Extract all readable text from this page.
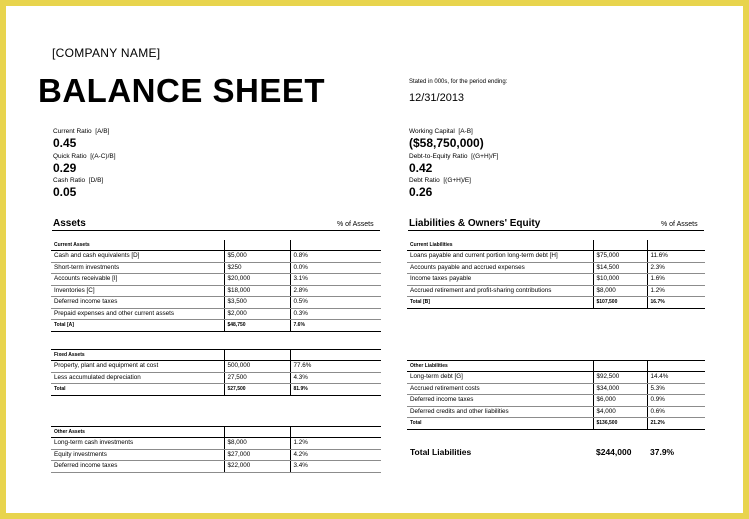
[COMPANY NAME]
BALANCE SHEET	Stated in 000s, for the period ending:
12/31/2013
Current Ratio [A/B]
0.45
Quick Ratio [(A-C)/B]
0.29
Cash Ratio [D/B]
0.05
Working Capital [A-B]
($58,750,000)
Debt-to-Equity Ratio [(G+H)/F]
0.42
Debt Ratio [(G+H)/E]
0.26
Assets	% of Assets	Liabilities & Owners' Equity	% of Assets
Current Assets		
Cash and cash equivalents [D]	$5,000	0.8%
Short-term investments	$250	0.0%
Accounts receivable [I]	$20,000	3.1%
Inventories [C]	$18,000	2.8%
Deferred income taxes	$3,500	0.5%
Prepaid expenses and other current assets	$2,000	0.3%
Total [A]	$48,750	7.6%
Fixed Assets		
Property, plant and equipment at cost	500,000	77.6%
Less accumulated depreciation	27,500	4.3%
Total	527,500	81.9%
Other Assets		
Long-term cash investments	$8,000	1.2%
Equity investments	$27,000	4.2%
Deferred income taxes	$22,000	3.4%
Current Liabilities		
Loans payable and current portion long-term debt [H]	$75,000	11.6%
Accounts payable and accrued expenses	$14,500	2.3%
Income taxes payable	$10,000	1.6%
Accrued retirement and profit-sharing contributions	$8,000	1.2%
Total [B]	$107,500	16.7%
Other Liabilities		
Long-term debt [G]	$92,500	14.4%
Accrued retirement costs	$34,000	5.3%
Deferred income taxes	$6,000	0.9%
Deferred credits and other liabilities	$4,000	0.6%
Total	$136,500	21.2%
Total Liabilities	$244,000 37.9%
